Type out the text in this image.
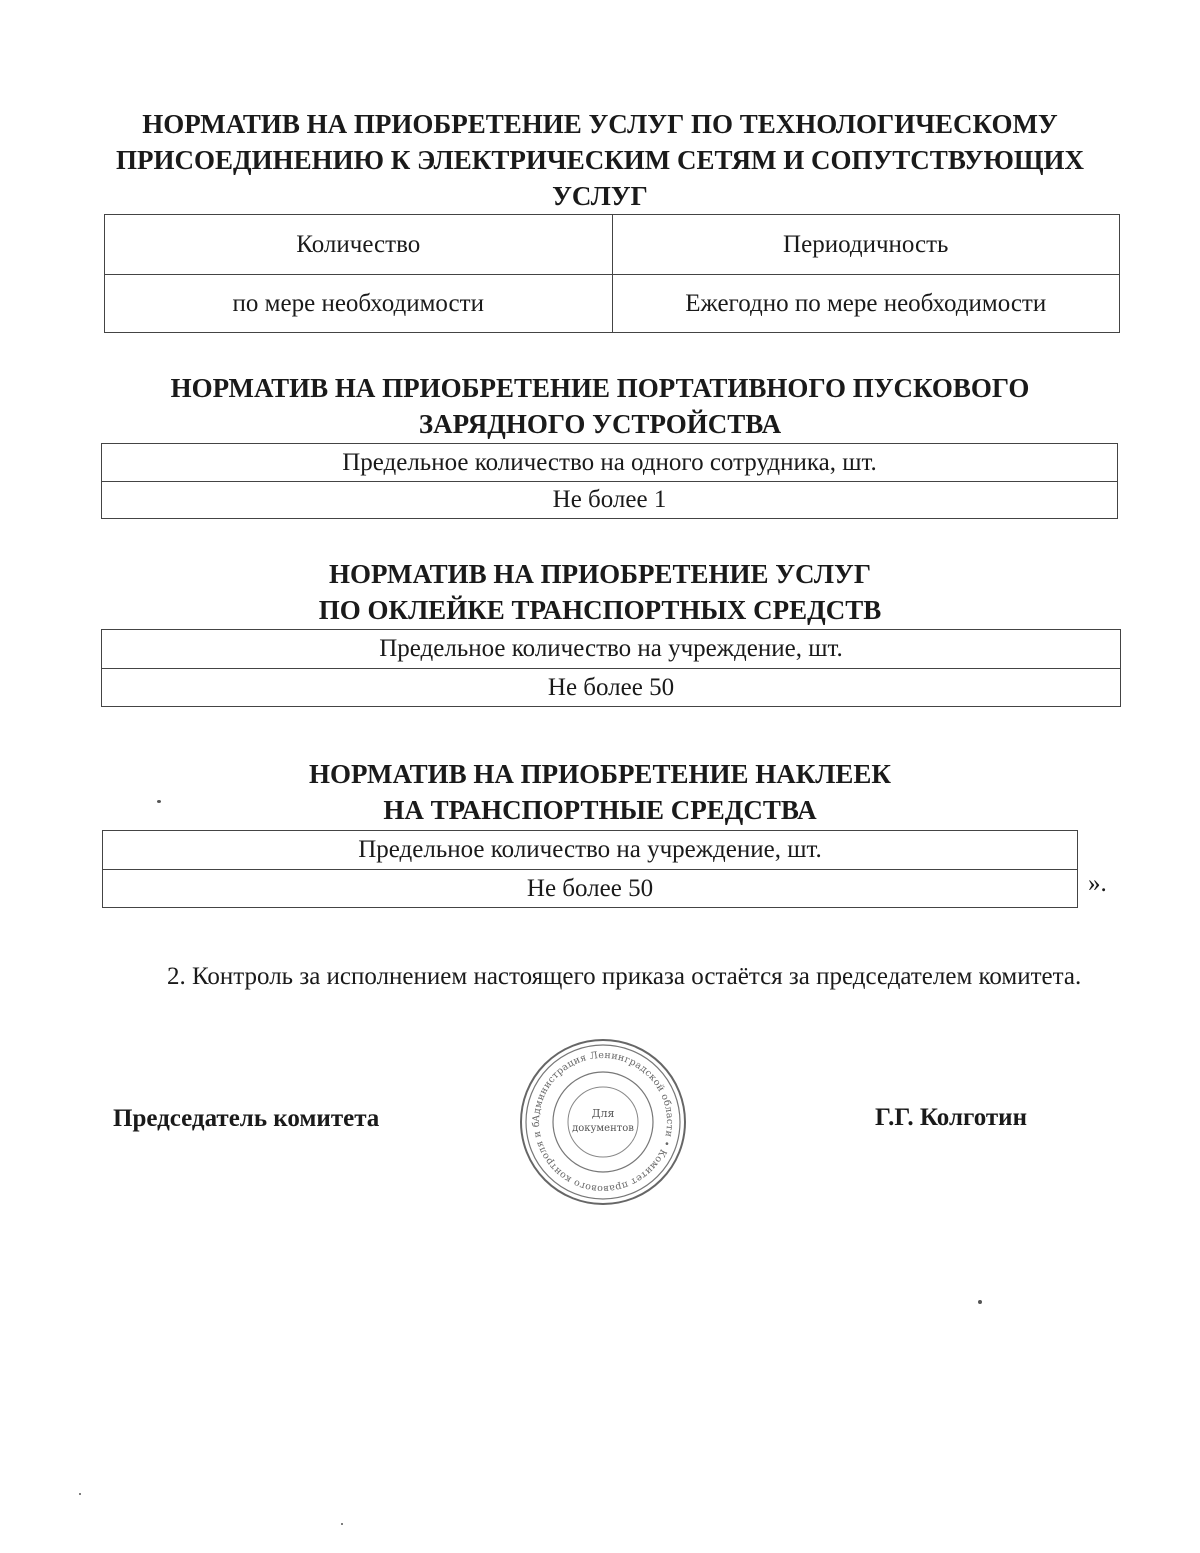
НОРМАТИВ НА ПРИОБРЕТЕНИЕ УСЛУГ ПО ТЕХНОЛОГИЧЕСКОМУ
ПРИСОЕДИНЕНИЮ К ЭЛЕКТРИЧЕСКИМ СЕТЯМ И СОПУТСТВУЮЩИХ
УСЛУГ
Количество	Периодичность
по мере необходимости	Ежегодно по мере необходимости
НОРМАТИВ НА ПРИОБРЕТЕНИЕ ПОРТАТИВНОГО ПУСКОВОГО
ЗАРЯДНОГО УСТРОЙСТВА
Предельное количество на одного сотрудника, шт.
Не более 1
НОРМАТИВ НА ПРИОБРЕТЕНИЕ УСЛУГ
ПО ОКЛЕЙКЕ ТРАНСПОРТНЫХ СРЕДСТВ
Предельное количество на учреждение, шт.
Не более 50
НОРМАТИВ НА ПРИОБРЕТЕНИЕ НАКЛЕЕК
НА ТРАНСПОРТНЫЕ СРЕДСТВА
Предельное количество на учреждение, шт.
Не более 50	».

2. Контроль за исполнением настоящего приказа остаётся за председателем комитета.

Председатель комитета	Администрация Ленинградской области • Комитет правового контроля и б
Для
документов	Г.Г. Колготин
